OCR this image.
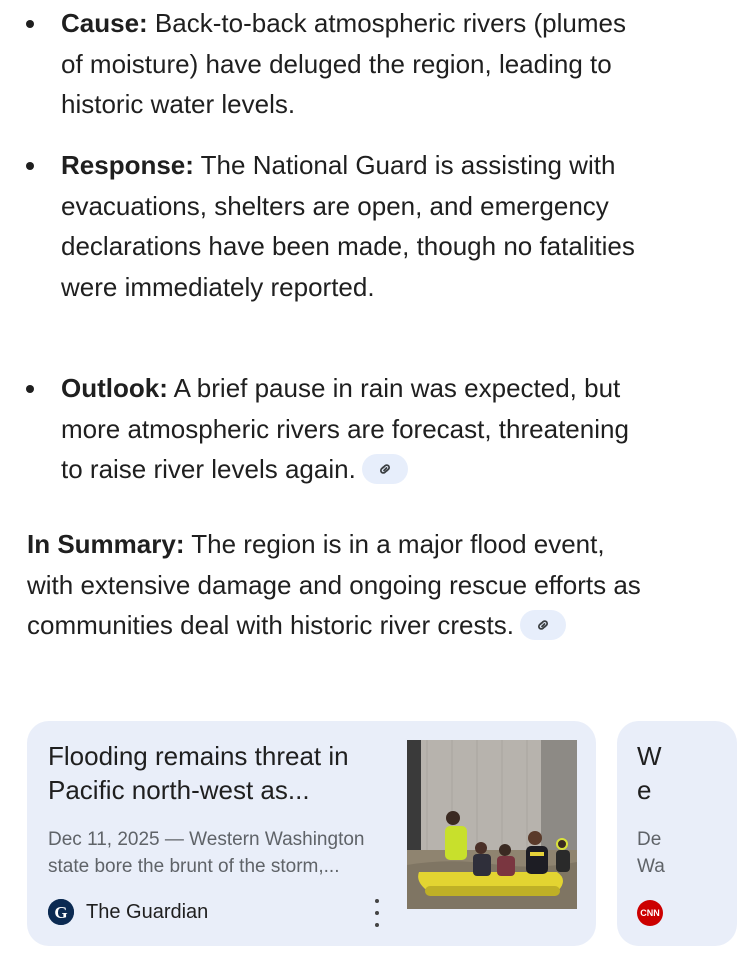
Cause: Back-to-back atmospheric rivers (plumes of moisture) have deluged the region, leading to historic water levels.
Response: The National Guard is assisting with evacuations, shelters are open, and emergency declarations have been made, though no fatalities were immediately reported.
Outlook: A brief pause in rain was expected, but more atmospheric rivers are forecast, threatening to raise river levels again.
In Summary: The region is in a major flood event, with extensive damage and ongoing rescue efforts as communities deal with historic river crests.
Flooding remains threat in Pacific north-west as...
Dec 11, 2025 — Western Washington state bore the brunt of the storm,...
G The Guardian
W
e
De
Wa
CNN
